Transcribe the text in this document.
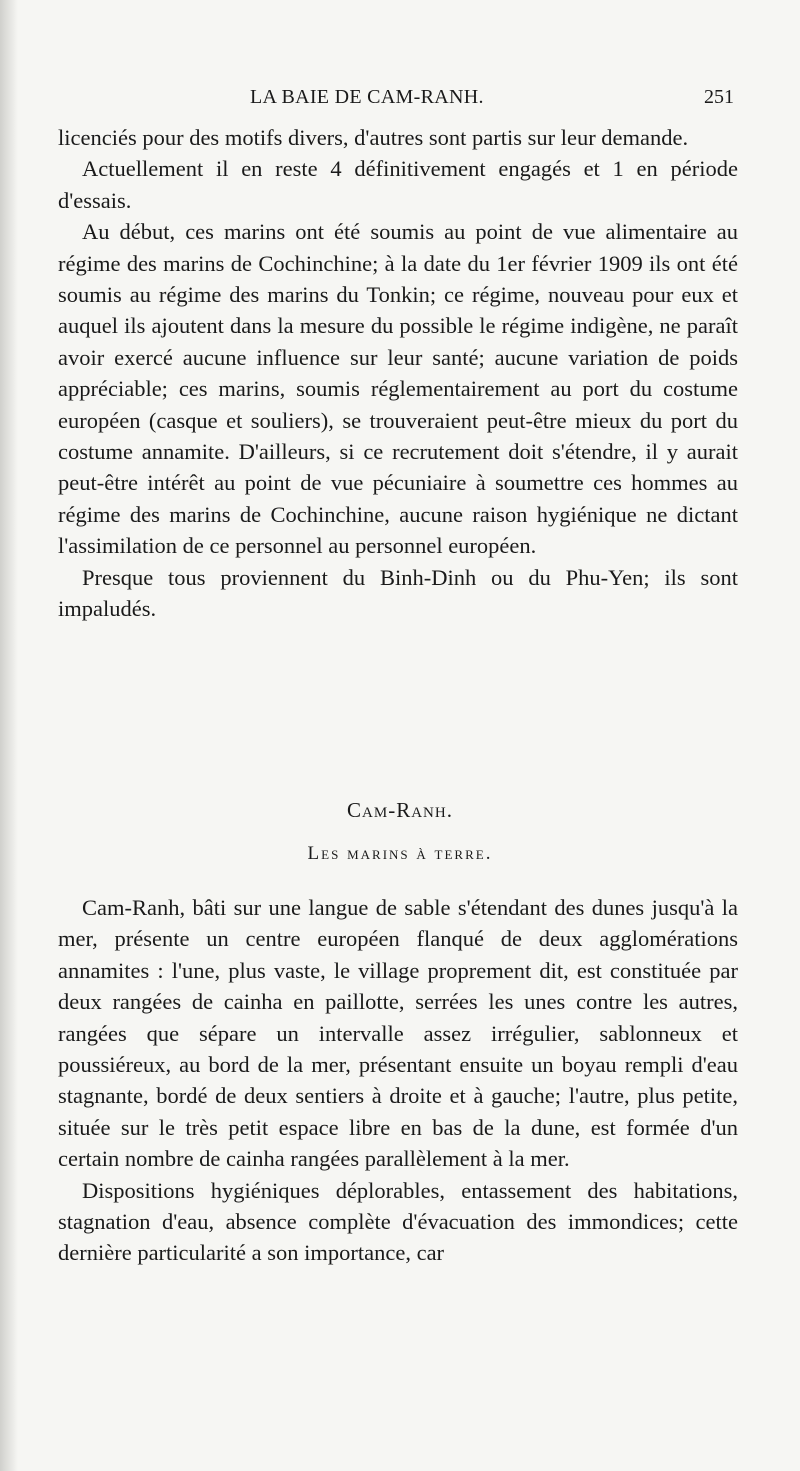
LA BAIE DE CAM-RANH.	251

licenciés pour des motifs divers, d'autres sont partis sur leur demande.

Actuellement il en reste 4 définitivement engagés et 1 en période d'essais.

Au début, ces marins ont été soumis au point de vue alimentaire au régime des marins de Cochinchine; à la date du 1er février 1909 ils ont été soumis au régime des marins du Tonkin; ce régime, nouveau pour eux et auquel ils ajoutent dans la mesure du possible le régime indigène, ne paraît avoir exercé aucune influence sur leur santé; aucune variation de poids appréciable; ces marins, soumis réglementairement au port du costume européen (casque et souliers), se trouveraient peut-être mieux du port du costume annamite. D'ailleurs, si ce recrutement doit s'étendre, il y aurait peut-être intérêt au point de vue pécuniaire à soumettre ces hommes au régime des marins de Cochinchine, aucune raison hygiénique ne dictant l'assimilation de ce personnel au personnel européen.

Presque tous proviennent du Binh-Dinh ou du Phu-Yen; ils sont impaludés.

Cam-Ranh.
Les marins à terre.

Cam-Ranh, bâti sur une langue de sable s'étendant des dunes jusqu'à la mer, présente un centre européen flanqué de deux agglomérations annamites : l'une, plus vaste, le village proprement dit, est constituée par deux rangées de cainha en paillotte, serrées les unes contre les autres, rangées que sépare un intervalle assez irrégulier, sablonneux et poussiéreux, au bord de la mer, présentant ensuite un boyau rempli d'eau stagnante, bordé de deux sentiers à droite et à gauche; l'autre, plus petite, située sur le très petit espace libre en bas de la dune, est formée d'un certain nombre de cainha rangées parallèlement à la mer.

Dispositions hygiéniques déplorables, entassement des habitations, stagnation d'eau, absence complète d'évacuation des immondices; cette dernière particularité a son importance, car
